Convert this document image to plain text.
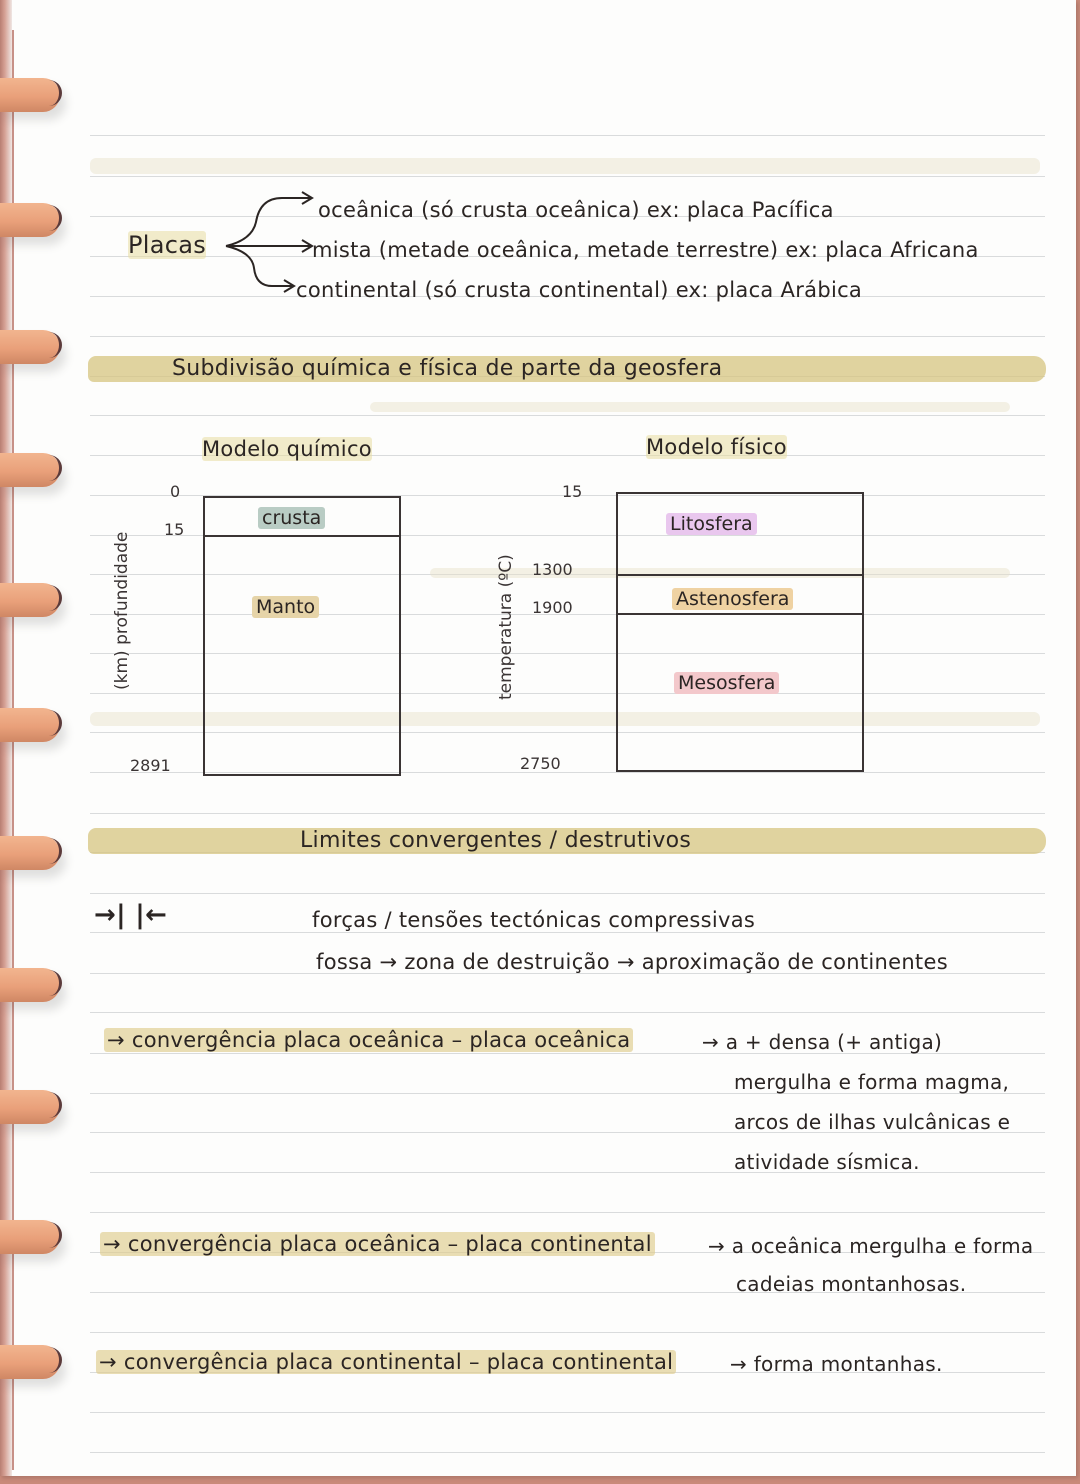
Placas
oceânica (só crusta oceânica) ex: placa Pacífica
mista (metade oceânica, metade terrestre) ex: placa Africana
continental (só crusta continental) ex: placa Arábica
Subdivisão química e física de parte da geosfera
Modelo químico	Modelo físico
(km) profundidade
0
15
2891
crusta
Manto	temperatura (ºC)
15
1300
1900
2750
Litosfera
Astenosfera
Mesosfera
Limites convergentes / destrutivos
→| |←	forças / tensões tectónicas compressivas
fossa → zona de destruição → aproximação de continentes
→ convergência placa oceânica – placa oceânica	→ a + densa (+ antiga)
mergulha e forma magma,
arcos de ilhas vulcânicas e
atividade sísmica.
→ convergência placa oceânica – placa continental	→ a oceânica mergulha e forma
cadeias montanhosas.
→ convergência placa continental – placa continental	→ forma montanhas.
